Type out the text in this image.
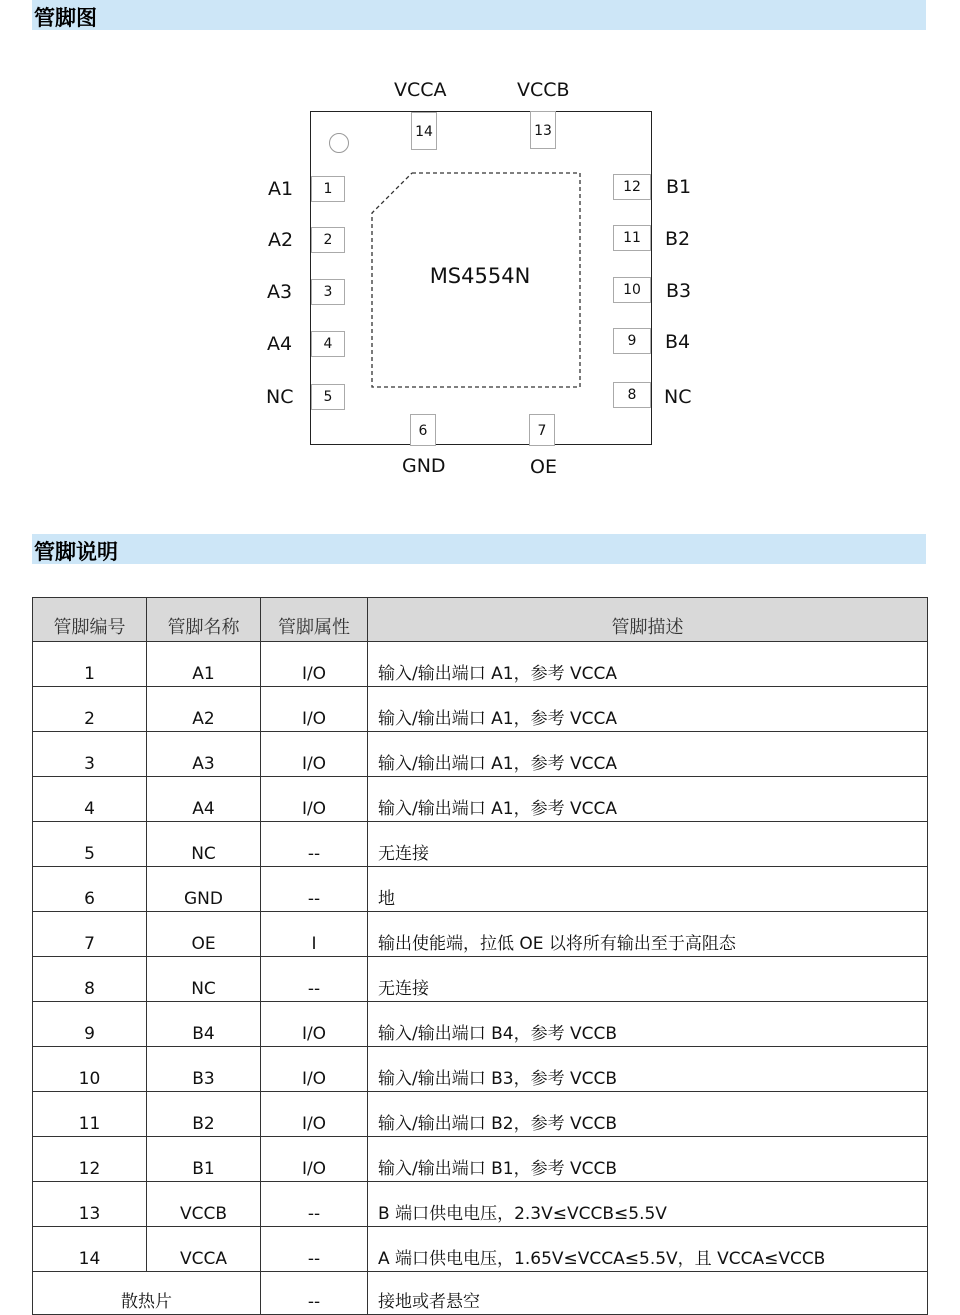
管脚图
MS4554N
1
A1
2
A2
3
A3
4
A4
5
NC
12	B1
11	B2
10	B3
9	B4
8	NC
14
VCCA
13
VCCB
6
GND
7
OE
管脚说明
管脚编号	管脚名称	管脚属性	管脚描述
1	A1	I/O	输入/输出端口 A1，参考 VCCA
2	A2	I/O	输入/输出端口 A1，参考 VCCA
3	A3	I/O	输入/输出端口 A1，参考 VCCA
4	A4	I/O	输入/输出端口 A1，参考 VCCA
5	NC	--	无连接
6	GND	--	地
7	OE	I	输出使能端，拉低 OE 以将所有输出至于高阻态
8	NC	--	无连接
9	B4	I/O	输入/输出端口 B4，参考 VCCB
10	B3	I/O	输入/输出端口 B3，参考 VCCB
11	B2	I/O	输入/输出端口 B2，参考 VCCB
12	B1	I/O	输入/输出端口 B1，参考 VCCB
13	VCCB	--	B 端口供电电压，2.3V≤VCCB≤5.5V
14	VCCA	--	A 端口供电电压，1.65V≤VCCA≤5.5V，且 VCCA≤VCCB
散热片		--	接地或者悬空
